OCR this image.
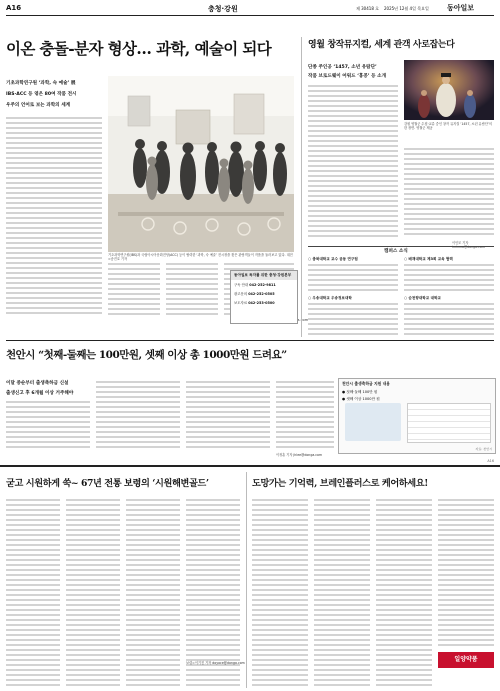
A16	충청·강원	제 30418 호 2025년 12월 4일 목요일	동아일보
이온 충돌-분자 형상… 과학, 예술이 되다
기초과학연구원 ‘과학, 숙 예술’ 展
IBS·ACC 등 엮은 80여 작품 전시
우주의 언어로 보는 과학의 세계
기초과학연구원(IBS)과 국립아시아문화전당(ACC) 등이 협력한 ‘과학, 숙 예술’ 전시장을 찾은 관람객들이 작품을 둘러보고 있다. 대전=송진호 기자
영월 창작뮤지컬, 세계 관객 사로잡는다
단종 주인공 ‘1457, 소년 유람단’
작품 브로드웨이 어워드 ‘홍콩’ 등 소개
이인모 기자 iminmo@donga.com
강원 영월군 수집·교류 중인 창작 뮤지컬 ‘1457, 소년 유람단’의 한 장면. 영월군 제공
동아일보 독자를 위한 충청·강원본부
구독 안내 042-252-9811
광고문의 042-252-0505
보도자료 042-253-0500
캠퍼스 소식
○ 충북대학교 교수 공동 연구팀
○ 우송대학교 우송정보대학
○ 배재대학교 제3회 교육 협력
○ 순천향대학교 대학교
천안시 “첫째-둘째는 100만원, 셋째 이상 총 1000만원 드려요”
이달 중순부터 출생축하금 신설
출생신고 후 6개월 이상 거주해야
이정훈 기자 jhlee@donga.com
천안시 출생축하금 지원 내용
● 첫째·둘째 100만 원
● 셋째 이상 1000만 원
자료: 천안시
A16
굳고 시원하게 쑥~ 67년 전통 보령의 ‘시원해변골드’
보령=이기진 기자 doyoce@donga.com
도망가는 기억력, 브레인플러스로 케어하세요!
일양약품
